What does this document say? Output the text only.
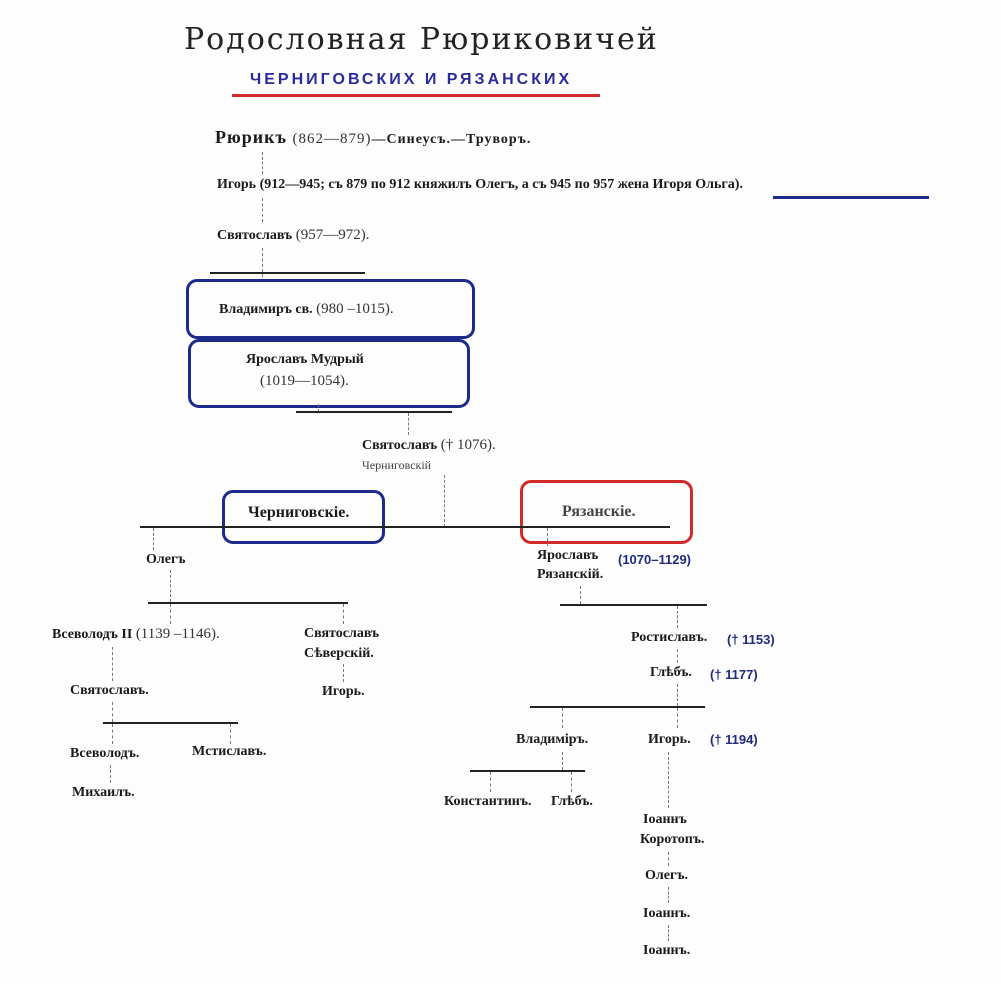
Родословная Рюриковичей
ЧЕРНИГОВСКИХ И РЯЗАНСКИХ
Рюрикъ (862—879)—Синеусъ.—Труворъ.
Игорь (912—945; съ 879 по 912 княжилъ Олегъ, а съ 945 по 957 жена Игоря Ольга).
Святославъ (957—972).
Владимиръ св. (980 –1015).
Ярославъ Мудрый
(1019—1054).
Святославъ († 1076).
Черниговскій
Черниговскіе.	Рязанскіе.
Олегъ
Всеволодъ II (1139 –1146).	Святославъ
Сѣверскій.
Игорь.
Святославъ.
Всеволодъ.	Мстиславъ.
Михаилъ.
Ярославъ (1070–1129)
Рязанскій.
Ростиславъ. († 1153)
Глѣбъ. († 1177)
Владиміръ.	Игорь. († 1194)
Константинъ. Глѣбъ.
Іоаннъ
Коротопъ.
Олегъ.
Іоаннъ.
Іоаннъ.
